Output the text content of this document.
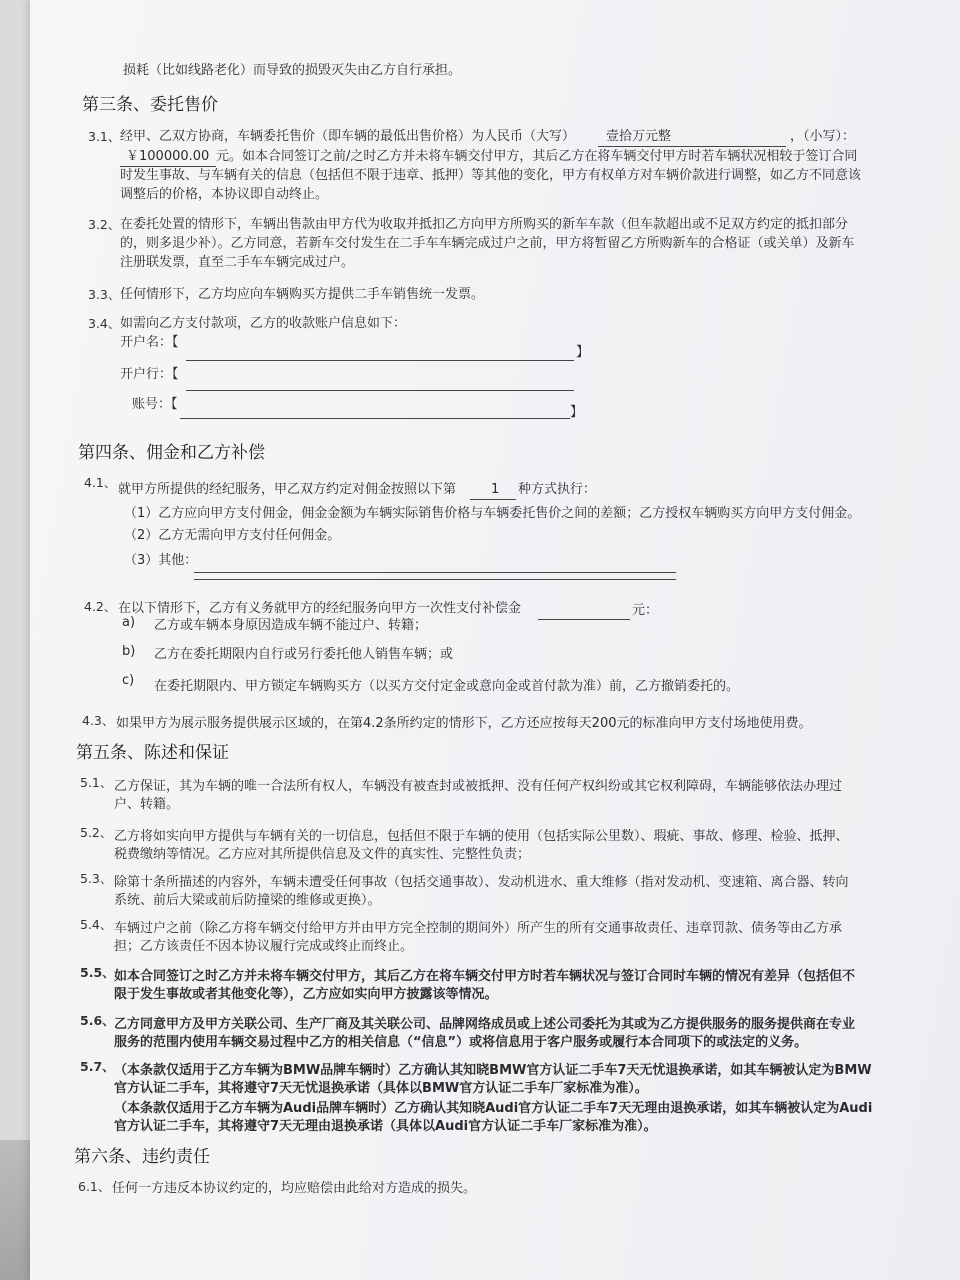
损耗（比如线路老化）而导致的损毁灭失由乙方自行承担。
第三条、委托售价
3.1、 经甲、乙双方协商，车辆委托售价（即车辆的最低出售价格）为人民币（大写） 壹拾万元整	，（小写）：
￥100000.00 元。如本合同签订之前/之时乙方并未将车辆交付甲方，其后乙方在将车辆交付甲方时若车辆状况相较于签订合同
时发生事故、与车辆有关的信息（包括但不限于违章、抵押）等其他的变化，甲方有权单方对车辆价款进行调整，如乙方不同意该
调整后的价格，本协议即自动终止。
3.2、 在委托处置的情形下，车辆出售款由甲方代为收取并抵扣乙方向甲方所购买的新车车款（但车款超出或不足双方约定的抵扣部分
的，则多退少补）。乙方同意，若新车交付发生在二手车车辆完成过户之前，甲方将暂留乙方所购新车的合格证（或关单）及新车
注册联发票，直至二手车车辆完成过户。
3.3、 任何情形下，乙方均应向车辆购买方提供二手车销售统一发票。
3.4、 如需向乙方支付款项，乙方的收款账户信息如下：
开户名：【
】
开户行：【
账号：【
】
第四条、佣金和乙方补偿
4.1、 就甲方所提供的经纪服务，甲乙双方约定对佣金按照以下第	1 种方式执行：
（1）乙方应向甲方支付佣金，佣金金额为车辆实际销售价格与车辆委托售价之间的差额；乙方授权车辆购买方向甲方支付佣金。
（2）乙方无需向甲方支付任何佣金。
（3）其他：
4.2、 在以下情形下，乙方有义务就甲方的经纪服务向甲方一次性支付补偿金	元：
a) 乙方或车辆本身原因造成车辆不能过户、转籍；
b) 乙方在委托期限内自行或另行委托他人销售车辆；或
c) 在委托期限内、甲方锁定车辆购买方（以买方交付定金或意向金或首付款为准）前，乙方撤销委托的。
4.3、 如果甲方为展示服务提供展示区域的，在第4.2条所约定的情形下，乙方还应按每天200元的标准向甲方支付场地使用费。
第五条、陈述和保证
5.1、 乙方保证，其为车辆的唯一合法所有权人，车辆没有被查封或被抵押、没有任何产权纠纷或其它权利障碍，车辆能够依法办理过
户、转籍。
5.2、 乙方将如实向甲方提供与车辆有关的一切信息，包括但不限于车辆的使用（包括实际公里数）、瑕疵、事故、修理、检验、抵押、
税费缴纳等情况。乙方应对其所提供信息及文件的真实性、完整性负责；
5.3、 除第十条所描述的内容外，车辆未遭受任何事故（包括交通事故）、发动机进水、重大维修（指对发动机、变速箱、离合器、转向
系统、前后大梁或前后防撞梁的维修或更换）。
5.4、 车辆过户之前（除乙方将车辆交付给甲方并由甲方完全控制的期间外）所产生的所有交通事故责任、违章罚款、债务等由乙方承
担；乙方该责任不因本协议履行完成或终止而终止。
5.5、 如本合同签订之时乙方并未将车辆交付甲方，其后乙方在将车辆交付甲方时若车辆状况与签订合同时车辆的情况有差异（包括但不
限于发生事故或者其他变化等），乙方应如实向甲方披露该等情况。
5.6、 乙方同意甲方及甲方关联公司、生产厂商及其关联公司、品牌网络成员或上述公司委托为其或为乙方提供服务的服务提供商在专业
服务的范围内使用车辆交易过程中乙方的相关信息（“信息”）或将信息用于客户服务或履行本合同项下的或法定的义务。
5.7、 （本条款仅适用于乙方车辆为BMW品牌车辆时）乙方确认其知晓BMW官方认证二手车7天无忧退换承诺，如其车辆被认定为BMW
官方认证二手车，其将遵守7天无忧退换承诺（具体以BMW官方认证二手车厂家标准为准）。
（本条款仅适用于乙方车辆为Audi品牌车辆时）乙方确认其知晓Audi官方认证二手车7天无理由退换承诺，如其车辆被认定为Audi
官方认证二手车，其将遵守7天无理由退换承诺（具体以Audi官方认证二手车厂家标准为准）。
第六条、违约责任
6.1、 任何一方违反本协议约定的，均应赔偿由此给对方造成的损失。
